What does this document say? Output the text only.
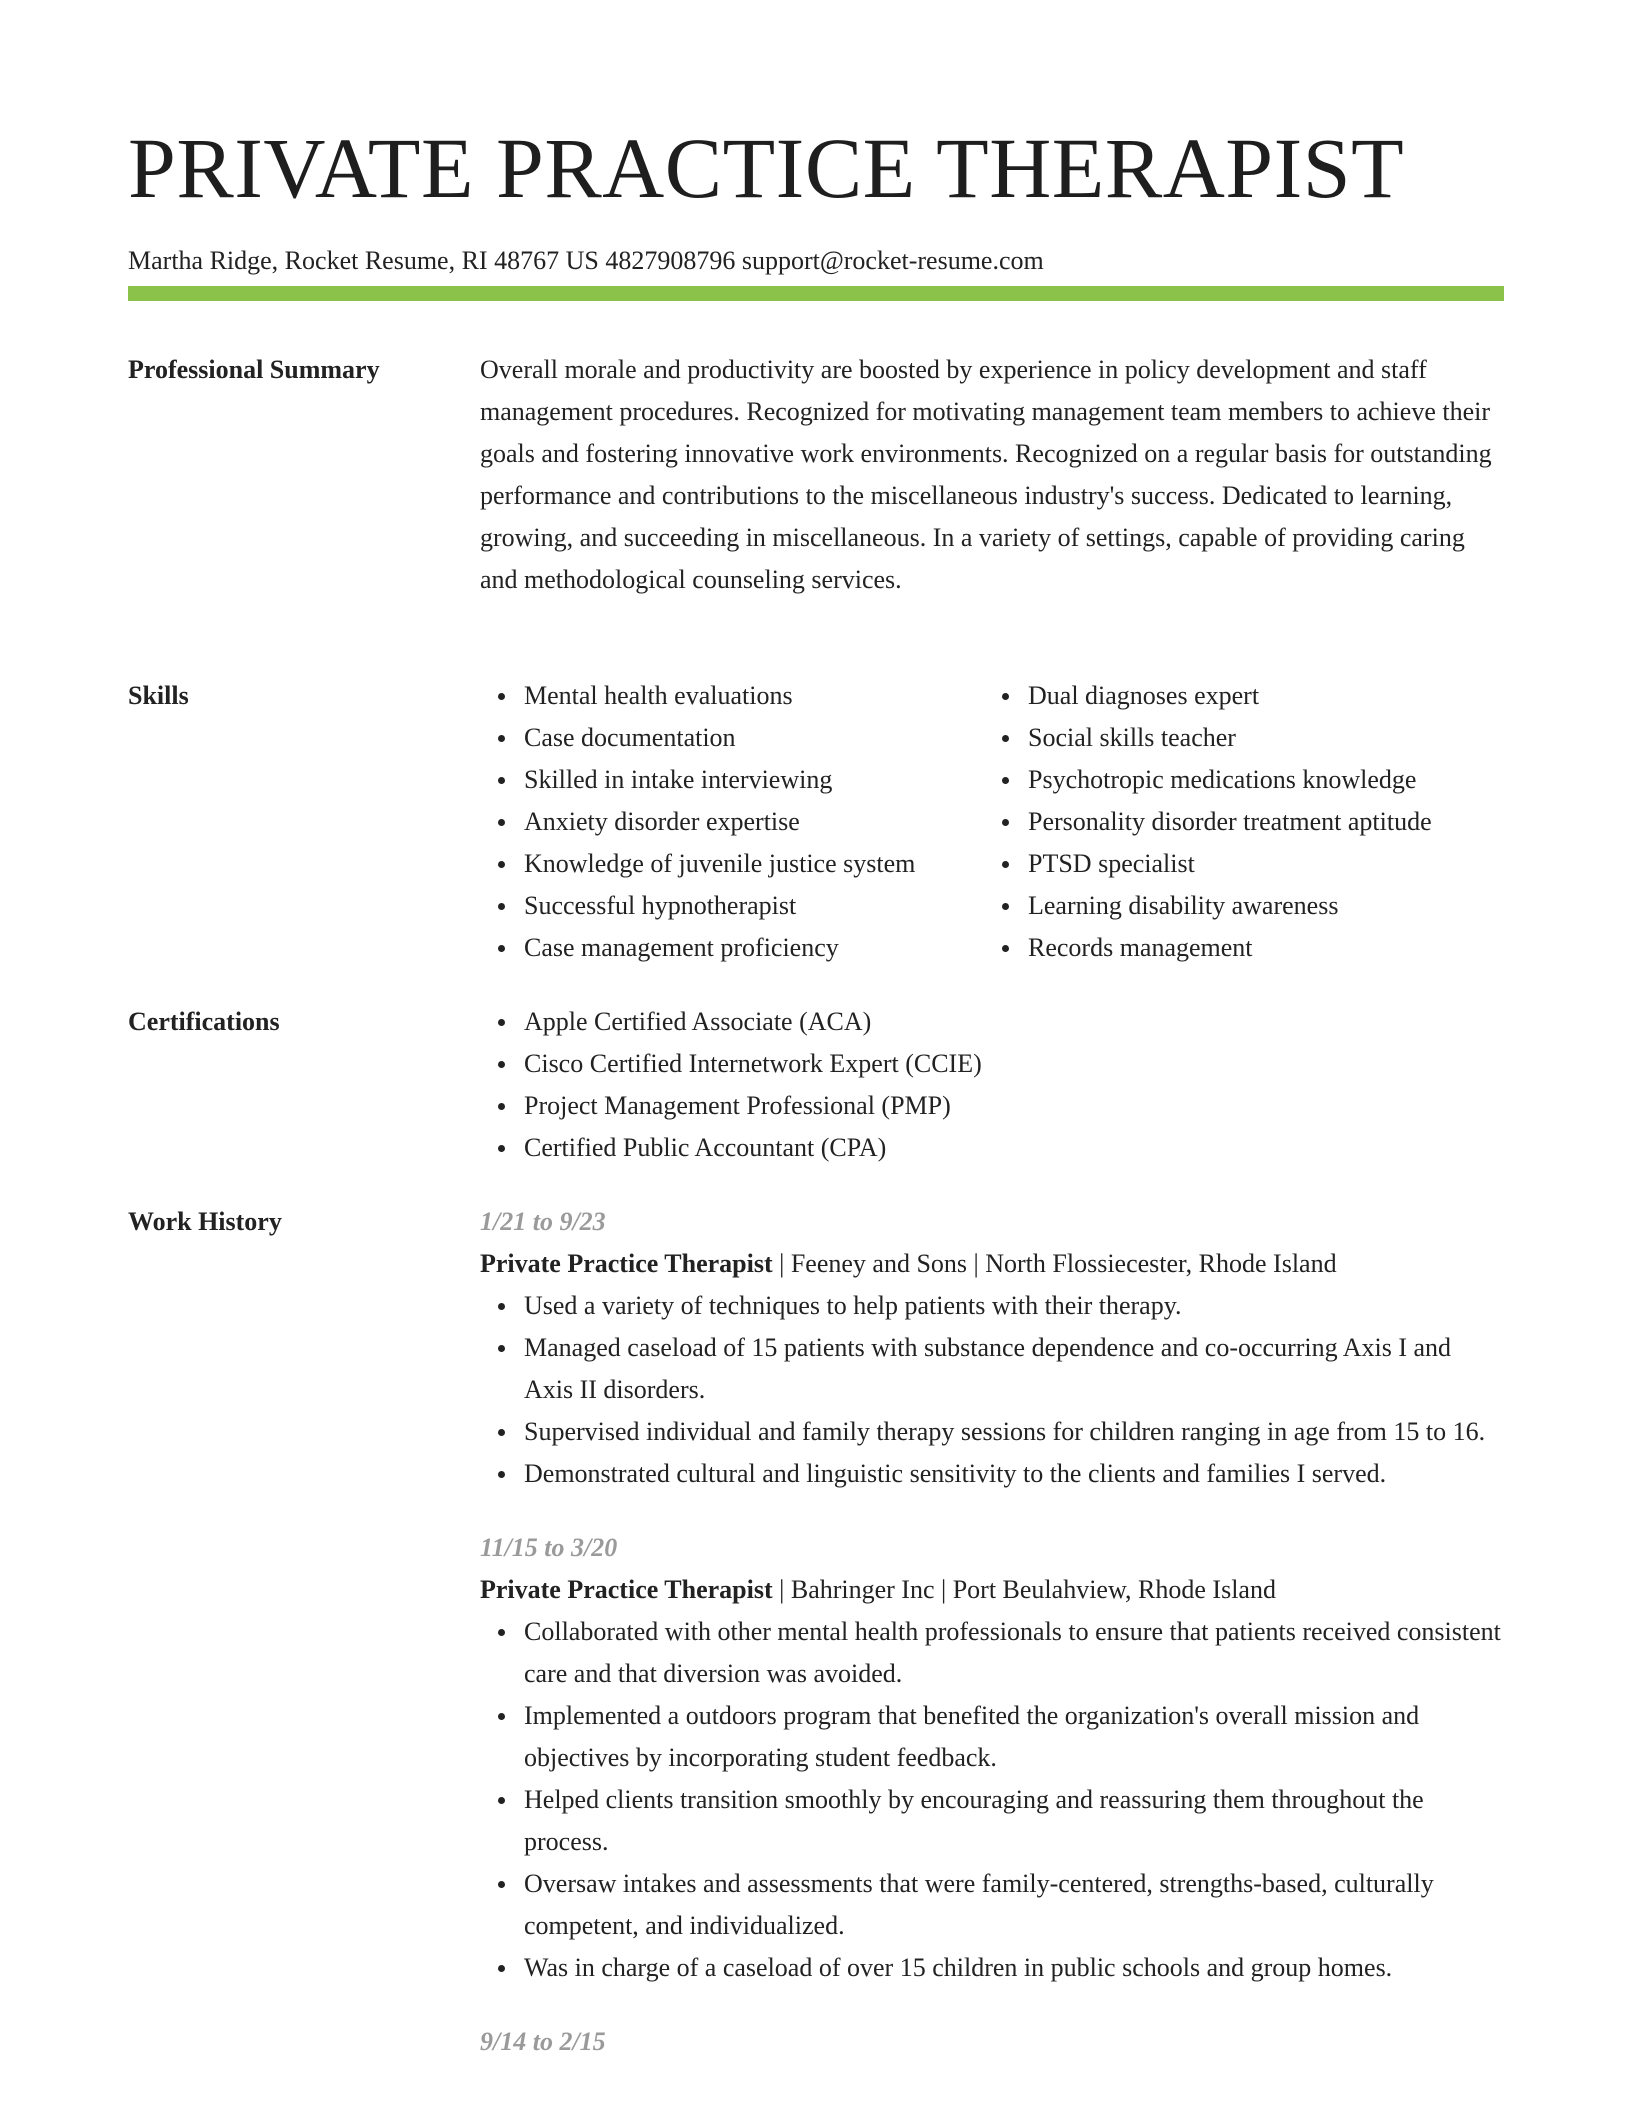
PRIVATE PRACTICE THERAPIST
Martha Ridge, Rocket Resume, RI 48767 US 4827908796 support@rocket-resume.com
Professional Summary	Overall morale and productivity are boosted by experience in policy development and staff management procedures. Recognized for motivating management team members to achieve their goals and fostering innovative work environments. Recognized on a regular basis for outstanding performance and contributions to the miscellaneous industry's success. Dedicated to learning, growing, and succeeding in miscellaneous. In a variety of settings, capable of providing caring and methodological counseling services.
Skills	Mental health evaluations
Case documentation
Skilled in intake interviewing
Anxiety disorder expertise
Knowledge of juvenile justice system
Successful hypnotherapist
Case management proficiency
Dual diagnoses expert
Social skills teacher
Psychotropic medications knowledge
Personality disorder treatment aptitude
PTSD specialist
Learning disability awareness
Records management
Certifications	Apple Certified Associate (ACA)
Cisco Certified Internetwork Expert (CCIE)
Project Management Professional (PMP)
Certified Public Accountant (CPA)
Work History	1/21 to 9/23
Private Practice Therapist | Feeney and Sons | North Flossiecester, Rhode Island
Used a variety of techniques to help patients with their therapy.
Managed caseload of 15 patients with substance dependence and co-occurring Axis I and Axis II disorders.
Supervised individual and family therapy sessions for children ranging in age from 15 to 16.
Demonstrated cultural and linguistic sensitivity to the clients and families I served.
11/15 to 3/20
Private Practice Therapist | Bahringer Inc | Port Beulahview, Rhode Island
Collaborated with other mental health professionals to ensure that patients received consistent care and that diversion was avoided.
Implemented a outdoors program that benefited the organization's overall mission and objectives by incorporating student feedback.
Helped clients transition smoothly by encouraging and reassuring them throughout the process.
Oversaw intakes and assessments that were family-centered, strengths-based, culturally competent, and individualized.
Was in charge of a caseload of over 15 children in public schools and group homes.
9/14 to 2/15
